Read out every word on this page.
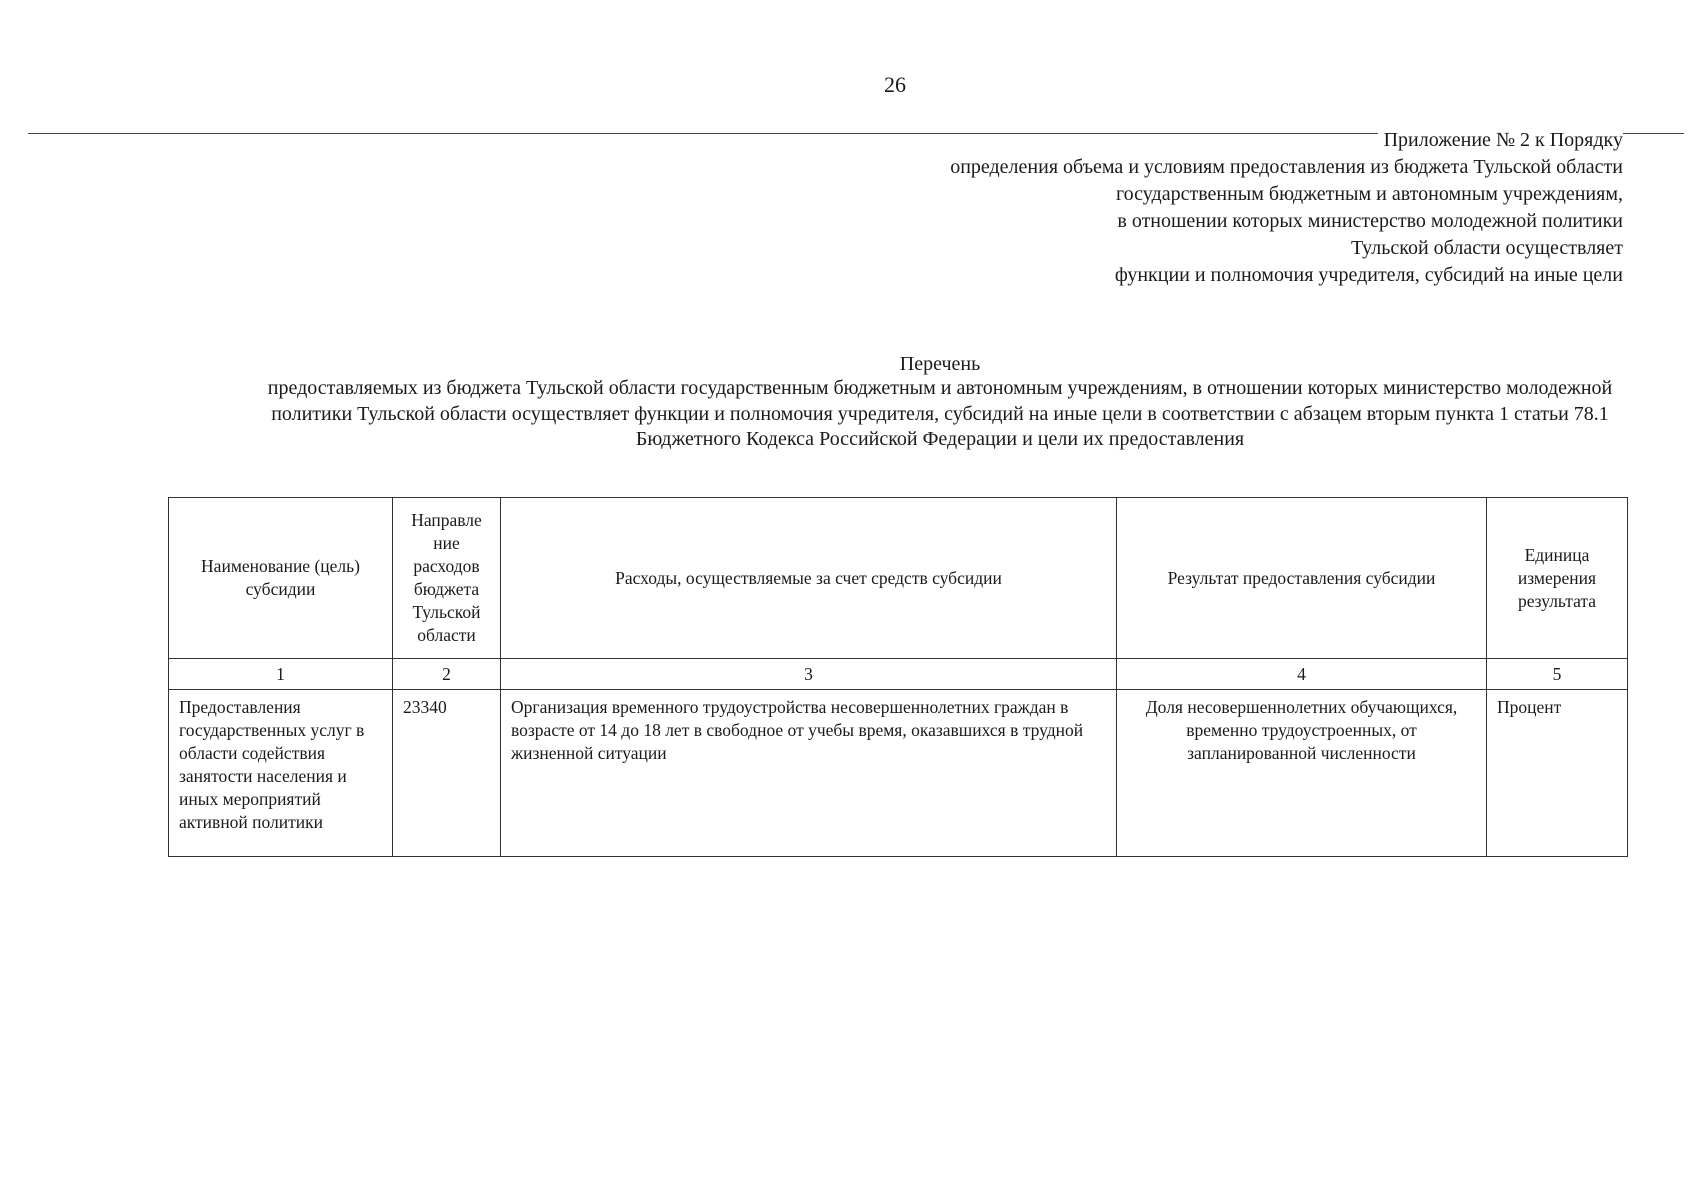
26
Приложение № 2 к Порядку
определения объема и условиям предоставления из бюджета Тульской области
государственным бюджетным и автономным учреждениям,
в отношении которых министерство молодежной политики
Тульской области осуществляет
функции и полномочия учредителя, субсидий на иные цели
Перечень
предоставляемых из бюджета Тульской области государственным бюджетным и автономным учреждениям, в отношении которых министерство молодежной политики Тульской области осуществляет функции и полномочия учредителя, субсидий на иные цели в соответствии с абзацем вторым пункта 1 статьи 78.1 Бюджетного Кодекса Российской Федерации и цели их предоставления
Наименование (цель) субсидии	Направле ние расходов бюджета Тульской области	Расходы, осуществляемые за счет средств субсидии	Результат предоставления субсидии	Единица измерения результата
1	2	3	4	5
Предоставления государственных услуг в области содействия занятости населения и иных мероприятий активной политики	23340	Организация временного трудоустройства несовершеннолетних граждан в возрасте от 14 до 18 лет в свободное от учебы время, оказавшихся в трудной жизненной ситуации	Доля несовершеннолетних обучающихся, временно трудоустроенных, от запланированной численности	Процент
